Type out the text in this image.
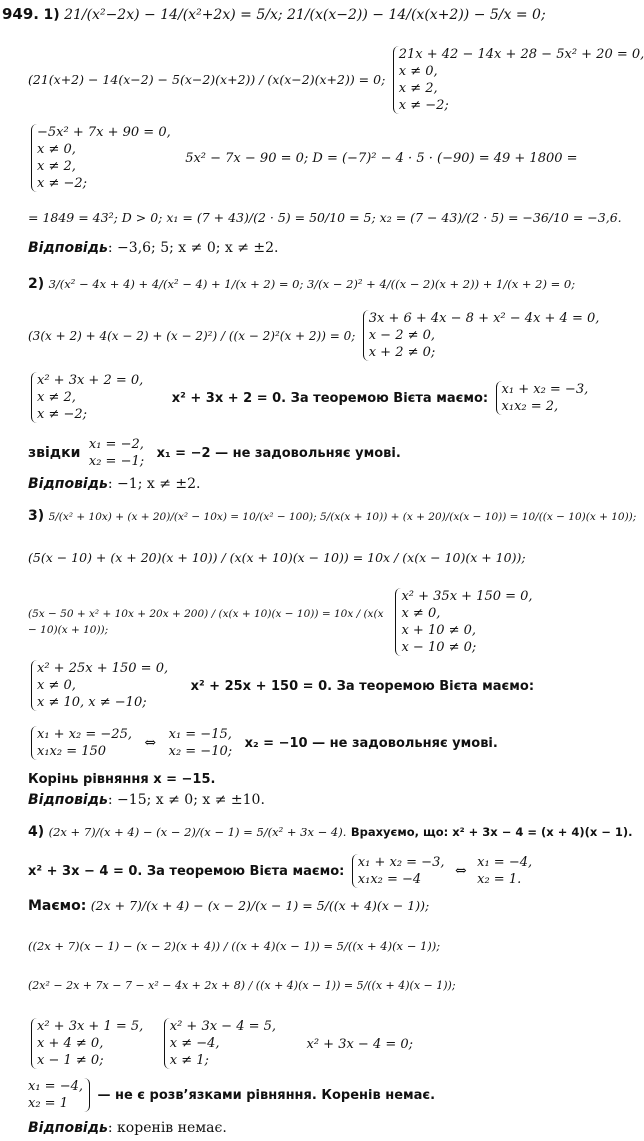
949. 1) 21/(x²−2x) − 14/(x²+2x) = 5/x; 21/(x(x−2)) − 14/(x(x+2)) − 5/x = 0;
(21(x+2) − 14(x−2) − 5(x−2)(x+2)) / (x(x−2)(x+2)) = 0;
21x + 42 − 14x + 28 − 5x² + 20 = 0,
x ≠ 0,
x ≠ 2,
x ≠ −2;
−5x² + 7x + 90 = 0,
x ≠ 0,
x ≠ 2,
x ≠ −2;
5x² − 7x − 90 = 0; D = (−7)² − 4 · 5 · (−90) = 49 + 1800 =
= 1849 = 43²; D > 0; x₁ = (7 + 43)/(2 · 5) = 50/10 = 5; x₂ = (7 − 43)/(2 · 5) = −36/10 = −3,6.
Відповідь: −3,6; 5; x ≠ 0; x ≠ ±2.
2) 3/(x² − 4x + 4) + 4/(x² − 4) + 1/(x + 2) = 0; 3/(x − 2)² + 4/((x − 2)(x + 2)) + 1/(x + 2) = 0;
(3(x + 2) + 4(x − 2) + (x − 2)²) / ((x − 2)²(x + 2)) = 0;
3x + 6 + 4x − 8 + x² − 4x + 4 = 0,
x − 2 ≠ 0,
x + 2 ≠ 0;
x² + 3x + 2 = 0,
x ≠ 2,
x ≠ −2;
x² + 3x + 2 = 0. За теоремою Вієта маємо:
x₁ + x₂ = −3,
x₁x₂ = 2,
звідки
x₁ = −2,
x₂ = −1;
x₁ = −2 — не задовольняє умові.
Відповідь: −1; x ≠ ±2.
3) 5/(x² + 10x) + (x + 20)/(x² − 10x) = 10/(x² − 100); 5/(x(x + 10)) + (x + 20)/(x(x − 10)) = 10/((x − 10)(x + 10));
(5(x − 10) + (x + 20)(x + 10)) / (x(x + 10)(x − 10)) = 10x / (x(x − 10)(x + 10));
(5x − 50 + x² + 10x + 20x + 200) / (x(x + 10)(x − 10)) = 10x / (x(x − 10)(x + 10));
x² + 35x + 150 = 0,
x ≠ 0,
x + 10 ≠ 0,
x − 10 ≠ 0;
x² + 25x + 150 = 0,
x ≠ 0,
x ≠ 10, x ≠ −10;
x² + 25x + 150 = 0. За теоремою Вієта маємо:
x₁ + x₂ = −25,
x₁x₂ = 150
⇔
x₁ = −15,
x₂ = −10;
x₂ = −10 — не задовольняє умові.
Корінь рівняння x = −15.
Відповідь: −15; x ≠ 0; x ≠ ±10.
4) (2x + 7)/(x + 4) − (x − 2)/(x − 1) = 5/(x² + 3x − 4). Врахуємо, що: x² + 3x − 4 = (x + 4)(x − 1).
x² + 3x − 4 = 0. За теоремою Вієта маємо:
x₁ + x₂ = −3,
x₁x₂ = −4
⇔
x₁ = −4,
x₂ = 1.
Маємо: (2x + 7)/(x + 4) − (x − 2)/(x − 1) = 5/((x + 4)(x − 1));
((2x + 7)(x − 1) − (x − 2)(x + 4)) / ((x + 4)(x − 1)) = 5/((x + 4)(x − 1));
(2x² − 2x + 7x − 7 − x² − 4x + 2x + 8) / ((x + 4)(x − 1)) = 5/((x + 4)(x − 1));
x² + 3x + 1 = 5,
x + 4 ≠ 0,
x − 1 ≠ 0;

x² + 3x − 4 = 5,
x ≠ −4,
x ≠ 1;
x² + 3x − 4 = 0;
x₁ = −4,
x₂ = 1
— не є розв’язками рівняння. Коренів немає.
Відповідь: коренів немає.
